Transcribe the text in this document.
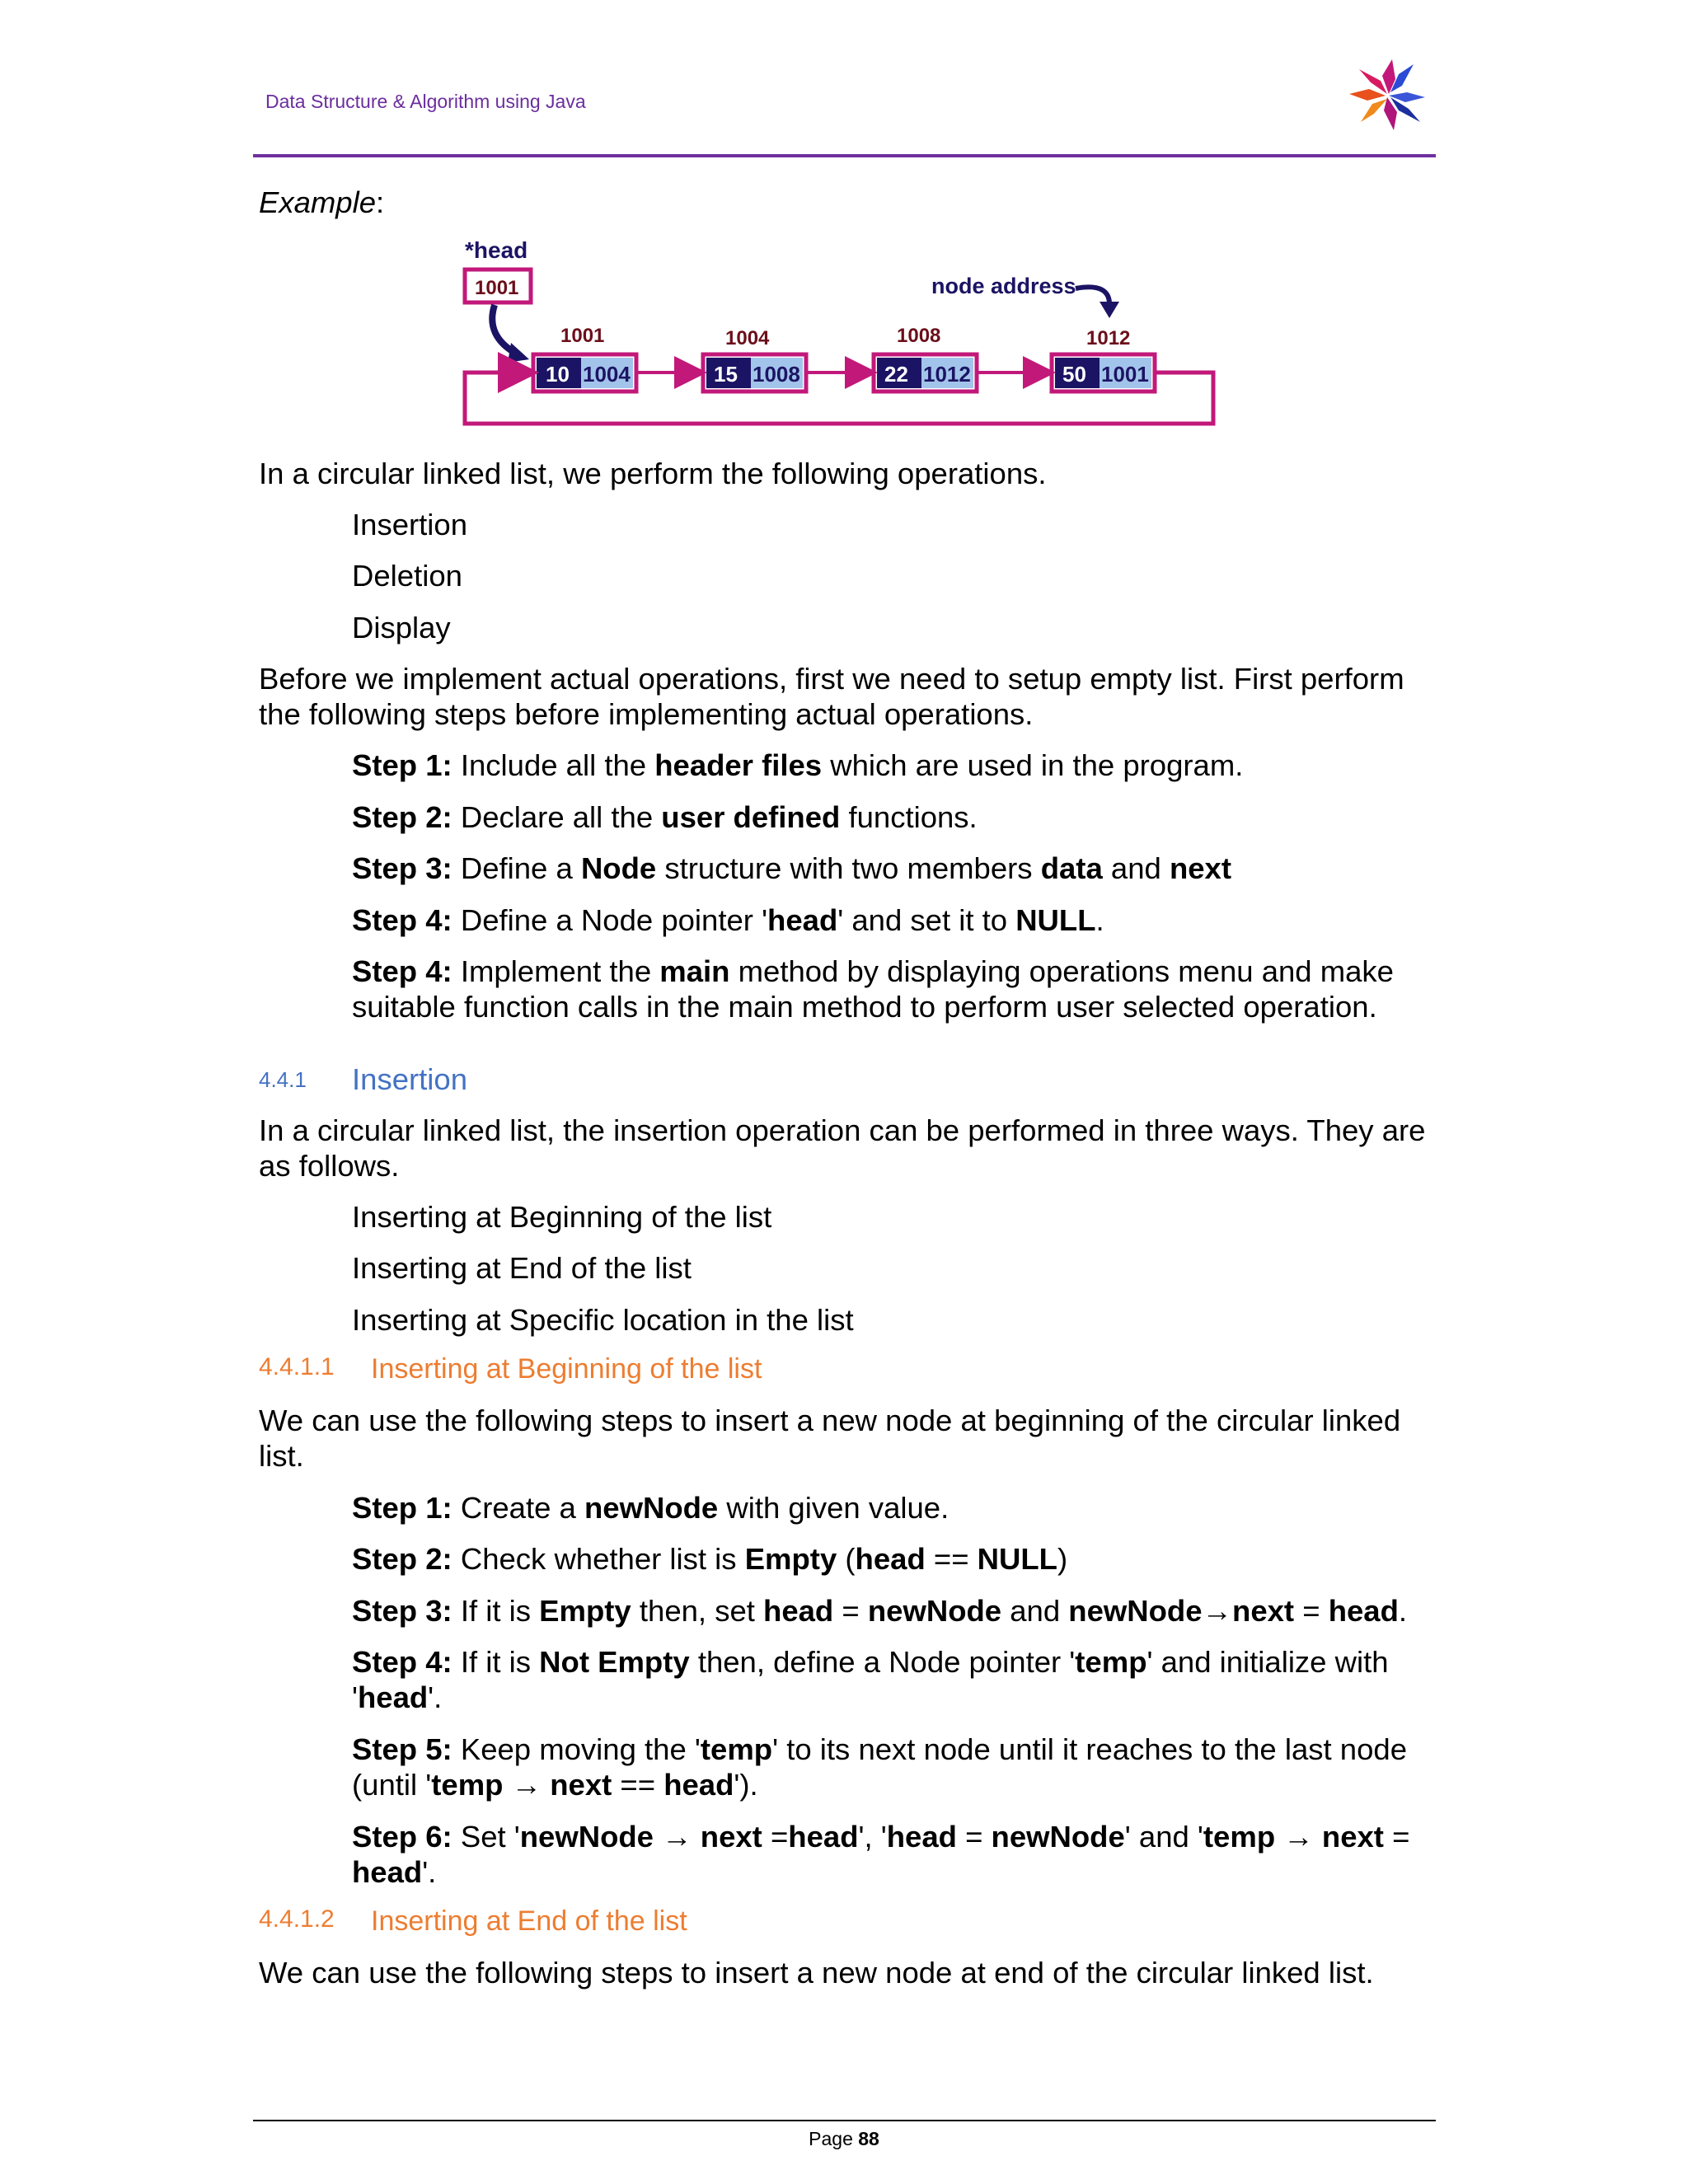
Data Structure & Algorithm using Java
Example:
*head
1001	node address
1001
10 1004
1004
15 1008
1008
22 1012
1012
50 1001
In a circular linked list, we perform the following operations.
Insertion
Deletion
Display
Before we implement actual operations, first we need to setup empty list. First perform the following steps before implementing actual operations.
Step 1: Include all the header files which are used in the program.
Step 2: Declare all the user defined functions.
Step 3: Define a Node structure with two members data and next
Step 4: Define a Node pointer 'head' and set it to NULL.
Step 4: Implement the main method by displaying operations menu and make suitable function calls in the main method to perform user selected operation.
4.4.1 Insertion
In a circular linked list, the insertion operation can be performed in three ways. They are as follows.
Inserting at Beginning of the list
Inserting at End of the list
Inserting at Specific location in the list
4.4.1.1 Inserting at Beginning of the list
We can use the following steps to insert a new node at beginning of the circular linked list.
Step 1: Create a newNode with given value.
Step 2: Check whether list is Empty (head == NULL)
Step 3: If it is Empty then, set head = newNode and newNode→next = head.
Step 4: If it is Not Empty then, define a Node pointer 'temp' and initialize with 'head'.
Step 5: Keep moving the 'temp' to its next node until it reaches to the last node (until 'temp → next == head').
Step 6: Set 'newNode → next =head', 'head = newNode' and 'temp → next = head'.
4.4.1.2 Inserting at End of the list
We can use the following steps to insert a new node at end of the circular linked list.
Page 88
